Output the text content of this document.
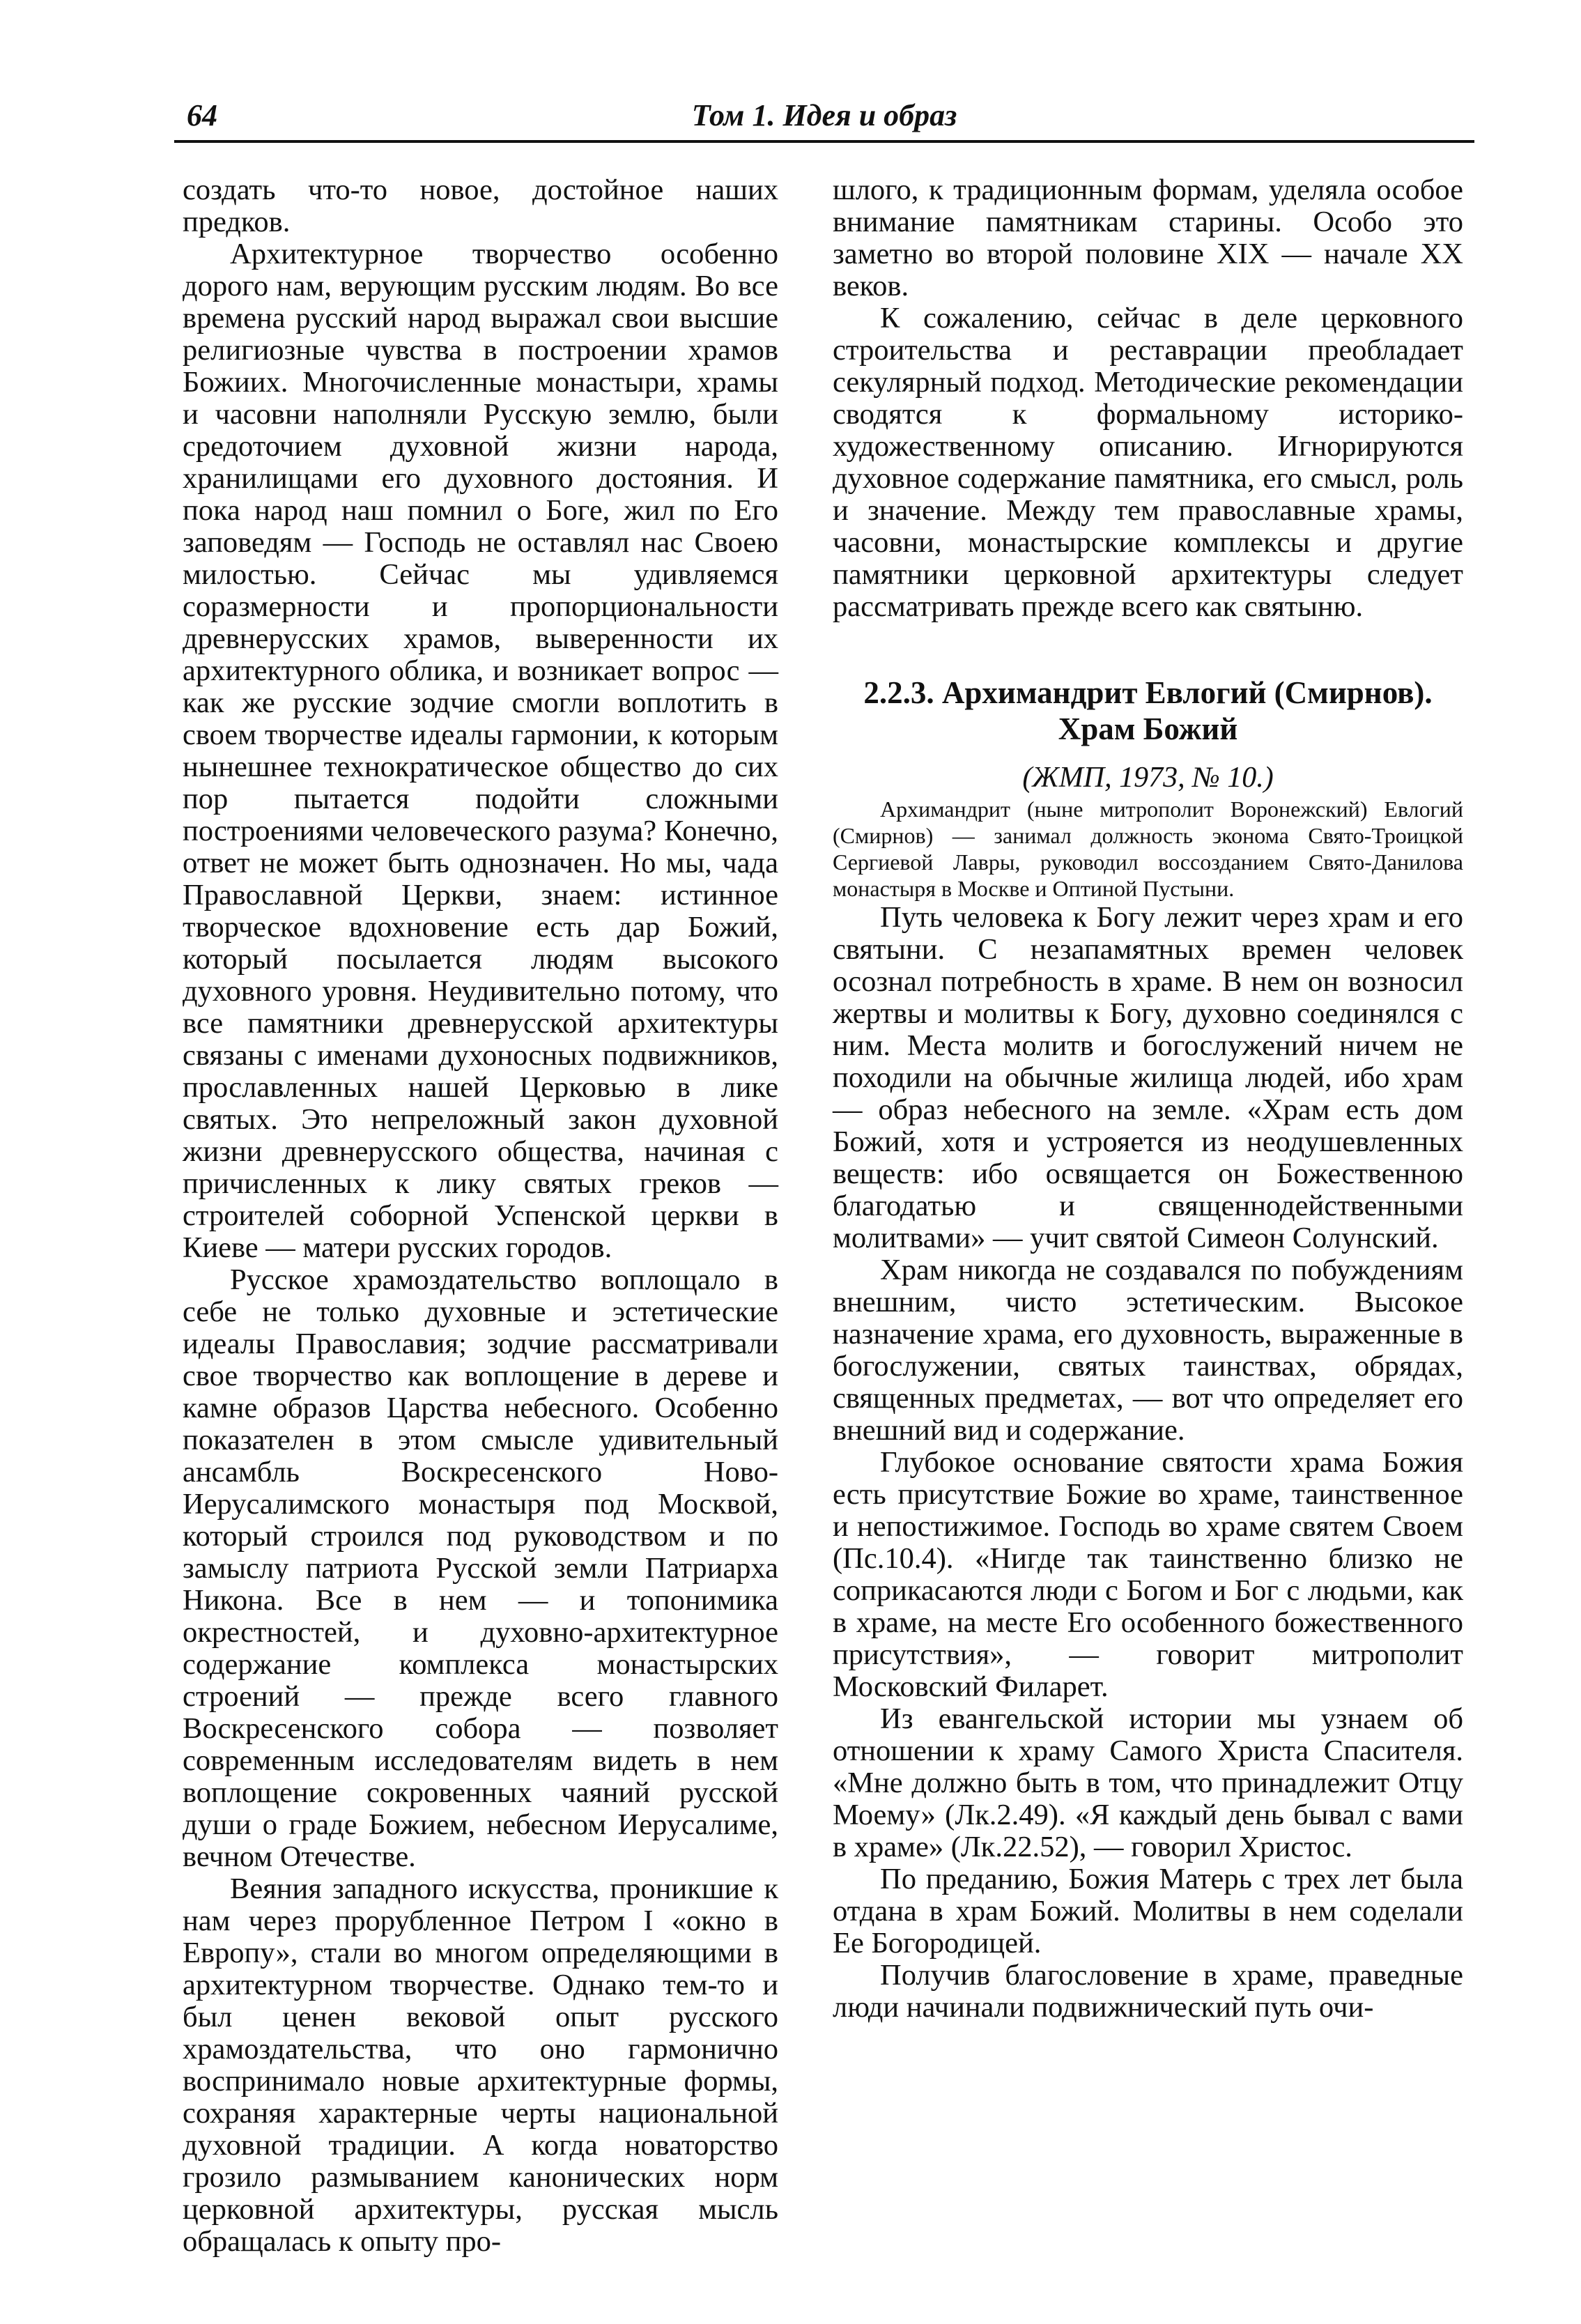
64	Том 1. Идея и образ

создать что-то новое, достойное наших предков.

Архитектурное творчество особенно дорого нам, верующим русским людям. Во все времена русский народ выражал свои высшие религиозные чувства в построении храмов Божиих. Многочисленные монастыри, храмы и часовни наполняли Русскую землю, были средоточием духовной жизни народа, хранилищами его духовного достояния. И пока народ наш помнил о Боге, жил по Его заповедям — Господь не оставлял нас Своею милостью. Сейчас мы удивляемся соразмерности и пропорциональности древнерусских храмов, выверенности их архитектурного облика, и возникает вопрос — как же русские зодчие смогли воплотить в своем творчестве идеалы гармонии, к которым нынешнее технократическое общество до сих пор пытается подойти сложными построениями человеческого разума? Конечно, ответ не может быть однозначен. Но мы, чада Православной Церкви, знаем: истинное творческое вдохновение есть дар Божий, который посылается людям высокого духовного уровня. Неудивительно потому, что все памятники древнерусской архитектуры связаны с именами духоносных подвижников, прославленных нашей Церковью в лике святых. Это непреложный закон духовной жизни древнерусского общества, начиная с причисленных к лику святых греков — строителей соборной Успенской церкви в Киеве — матери русских городов.

Русское храмоздательство воплощало в себе не только духовные и эстетические идеалы Православия; зодчие рассматривали свое творчество как воплощение в дереве и камне образов Царства небесного. Особенно показателен в этом смысле удивительный ансамбль Воскресенского Ново-Иерусалимского монастыря под Москвой, который строился под руководством и по замыслу патриота Русской земли Патриарха Никона. Все в нем — и топонимика окрестностей, и духовно-архитектурное содержание комплекса монастырских строений — прежде всего главного Воскресенского собора — позволяет современным исследователям видеть в нем воплощение сокровенных чаяний русской души о граде Божием, небесном Иерусалиме, вечном Отечестве.

Веяния западного искусства, проникшие к нам через прорубленное Петром I «окно в Европу», стали во многом определяющими в архитектурном творчестве. Однако тем-то и был ценен вековой опыт русского храмоздательства, что оно гармонично воспринимало новые архитектурные формы, сохраняя характерные черты национальной духовной традиции. А когда новаторство грозило размыванием канонических норм церковной архитектуры, русская мысль обращалась к опыту про-

шлого, к традиционным формам, уделяла особое внимание памятникам старины. Особо это заметно во второй половине XIX — начале XX веков.

К сожалению, сейчас в деле церковного строительства и реставрации преобладает секулярный подход. Методические рекомендации сводятся к формальному историко-художественному описанию. Игнорируются духовное содержание памятника, его смысл, роль и значение. Между тем православные храмы, часовни, монастырские комплексы и другие памятники церковной архитектуры следует рассматривать прежде всего как святыню.

2.2.3. Архимандрит Евлогий (Смирнов).
Храм Божий
(ЖМП, 1973, № 10.)

Архимандрит (ныне митрополит Воронежский) Евлогий (Смирнов) — занимал должность эконома Свято-Троицкой Сергиевой Лавры, руководил воссозданием Свято-Данилова монастыря в Москве и Оптиной Пустыни.

Путь человека к Богу лежит через храм и его святыни. С незапамятных времен человек осознал потребность в храме. В нем он возносил жертвы и молитвы к Богу, духовно соединялся с ним. Места молитв и богослужений ничем не походили на обычные жилища людей, ибо храм — образ небесного на земле. «Храм есть дом Божий, хотя и устрояется из неодушевленных веществ: ибо освящается он Божественною благодатью и священнодейственными молитвами» — учит святой Симеон Солунский.

Храм никогда не создавался по побуждениям внешним, чисто эстетическим. Высокое назначение храма, его духовность, выраженные в богослужении, святых таинствах, обрядах, священных предметах, — вот что определяет его внешний вид и содержание.

Глубокое основание святости храма Божия есть присутствие Божие во храме, таинственное и непостижимое. Господь во храме святем Своем (Пс.10.4). «Нигде так таинственно близко не соприкасаются люди с Богом и Бог с людьми, как в храме, на месте Его особенного божественного присутствия», — говорит митрополит Московский Филарет.

Из евангельской истории мы узнаем об отношении к храму Самого Христа Спасителя. «Мне должно быть в том, что принадлежит Отцу Моему» (Лк.2.49). «Я каждый день бывал с вами в храме» (Лк.22.52), — говорил Христос.

По преданию, Божия Матерь с трех лет была отдана в храм Божий. Молитвы в нем соделали Ее Богородицей.

Получив благословение в храме, праведные люди начинали подвижнический путь очи-
